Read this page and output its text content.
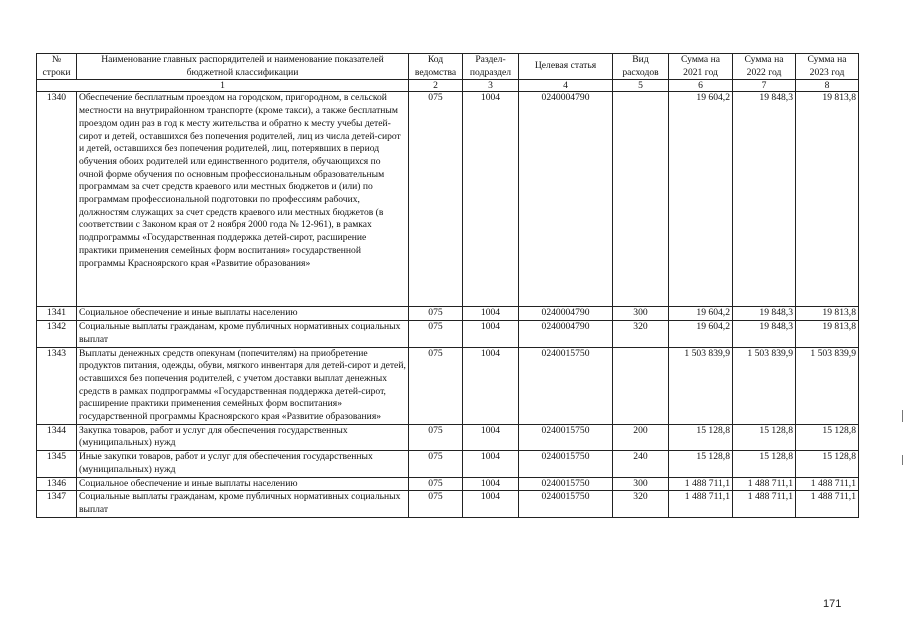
№ строки	Наименование главных распорядителей и наименование показателей бюджетной классификации	Код ведомства	Раздел-подраздел	Целевая статья	Вид расходов	Сумма на 2021 год	Сумма на 2022 год	Сумма на 2023 год
1		2	3	4	5	6	7	8
1340	Обеспечение бесплатным проездом на городском, пригородном, в сельской местности на внутрирайонном транспорте (кроме такси), а также бесплатным проездом один раз в год к месту жительства и обратно к месту учебы детей-сирот и детей, оставшихся без попечения родителей, лиц из числа детей-сирот и детей, оставшихся без попечения родителей, лиц, потерявших в период обучения обоих родителей или единственного родителя, обучающихся по очной форме обучения по основным профессиональным образовательным программам за счет средств краевого или местных бюджетов и (или) по программам профессиональной подготовки по профессиям рабочих, должностям служащих за счет средств краевого или местных бюджетов (в соответствии с Законом края от 2 ноября 2000 года № 12-961), в рамках подпрограммы «Государственная поддержка детей-сирот, расширение практики применения семейных форм воспитания» государственной программы Красноярского края «Развитие образования»	075	1004	0240004790		19 604,2	19 848,3	19 813,8
1341	Социальное обеспечение и иные выплаты населению	075	1004	0240004790	300	19 604,2	19 848,3	19 813,8
1342	Социальные выплаты гражданам, кроме публичных нормативных социальных выплат	075	1004	0240004790	320	19 604,2	19 848,3	19 813,8
1343	Выплаты денежных средств опекунам (попечителям) на приобретение продуктов питания, одежды, обуви, мягкого инвентаря для детей-сирот и детей, оставшихся без попечения родителей, с учетом доставки выплат денежных средств в рамках подпрограммы «Государственная поддержка детей-сирот, расширение практики применения семейных форм воспитания» государственной программы Красноярского края «Развитие образования»	075	1004	0240015750		1 503 839,9	1 503 839,9	1 503 839,9
1344	Закупка товаров, работ и услуг для обеспечения государственных (муниципальных) нужд	075	1004	0240015750	200	15 128,8	15 128,8	15 128,8
1345	Иные закупки товаров, работ и услуг для обеспечения государственных (муниципальных) нужд	075	1004	0240015750	240	15 128,8	15 128,8	15 128,8
1346	Социальное обеспечение и иные выплаты населению	075	1004	0240015750	300	1 488 711,1	1 488 711,1	1 488 711,1
1347	Социальные выплаты гражданам, кроме публичных нормативных социальных выплат	075	1004	0240015750	320	1 488 711,1	1 488 711,1	1 488 711,1
171
